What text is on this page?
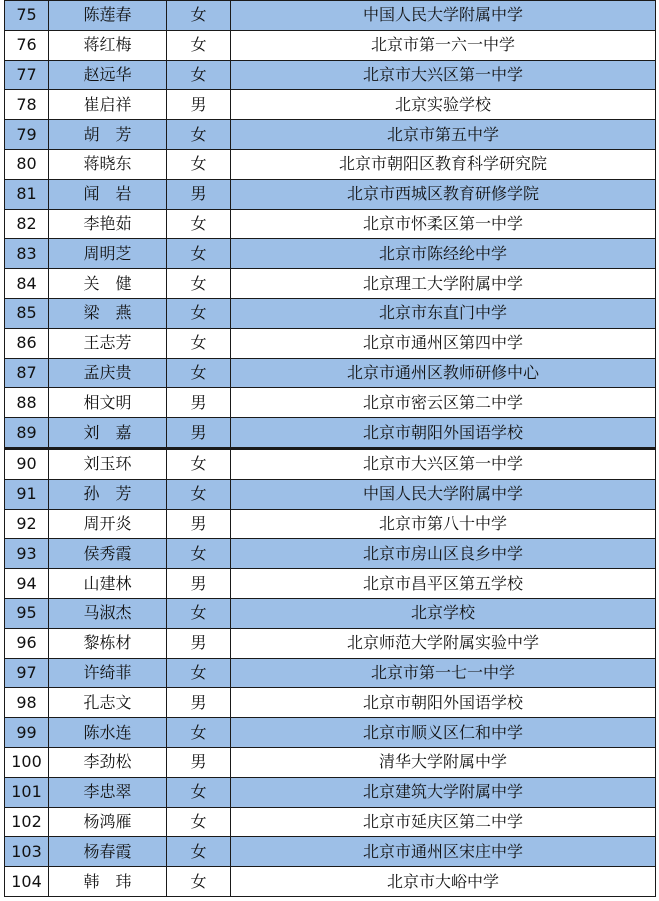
75	陈莲春	女	中国人民大学附属中学
76	蒋红梅	女	北京市第一六一中学
77	赵远华	女	北京市大兴区第一中学
78	崔启祥	男	北京实验学校
79	胡　芳	女	北京市第五中学
80	蒋晓东	女	北京市朝阳区教育科学研究院
81	闻　岩	男	北京市西城区教育研修学院
82	李艳茹	女	北京市怀柔区第一中学
83	周明芝	女	北京市陈经纶中学
84	关　健	女	北京理工大学附属中学
85	梁　燕	女	北京市东直门中学
86	王志芳	女	北京市通州区第四中学
87	孟庆贵	女	北京市通州区教师研修中心
88	相文明	男	北京市密云区第二中学
89	刘　嘉	男	北京市朝阳外国语学校
90	刘玉环	女	北京市大兴区第一中学
91	孙　芳	女	中国人民大学附属中学
92	周开炎	男	北京市第八十中学
93	侯秀霞	女	北京市房山区良乡中学
94	山建林	男	北京市昌平区第五学校
95	马淑杰	女	北京学校
96	黎栋材	男	北京师范大学附属实验中学
97	许绮菲	女	北京市第一七一中学
98	孔志文	男	北京市朝阳外国语学校
99	陈水连	女	北京市顺义区仁和中学
100	李劲松	男	清华大学附属中学
101	李忠翠	女	北京建筑大学附属中学
102	杨鸿雁	女	北京市延庆区第二中学
103	杨春霞	女	北京市通州区宋庄中学
104	韩　玮	女	北京市大峪中学
